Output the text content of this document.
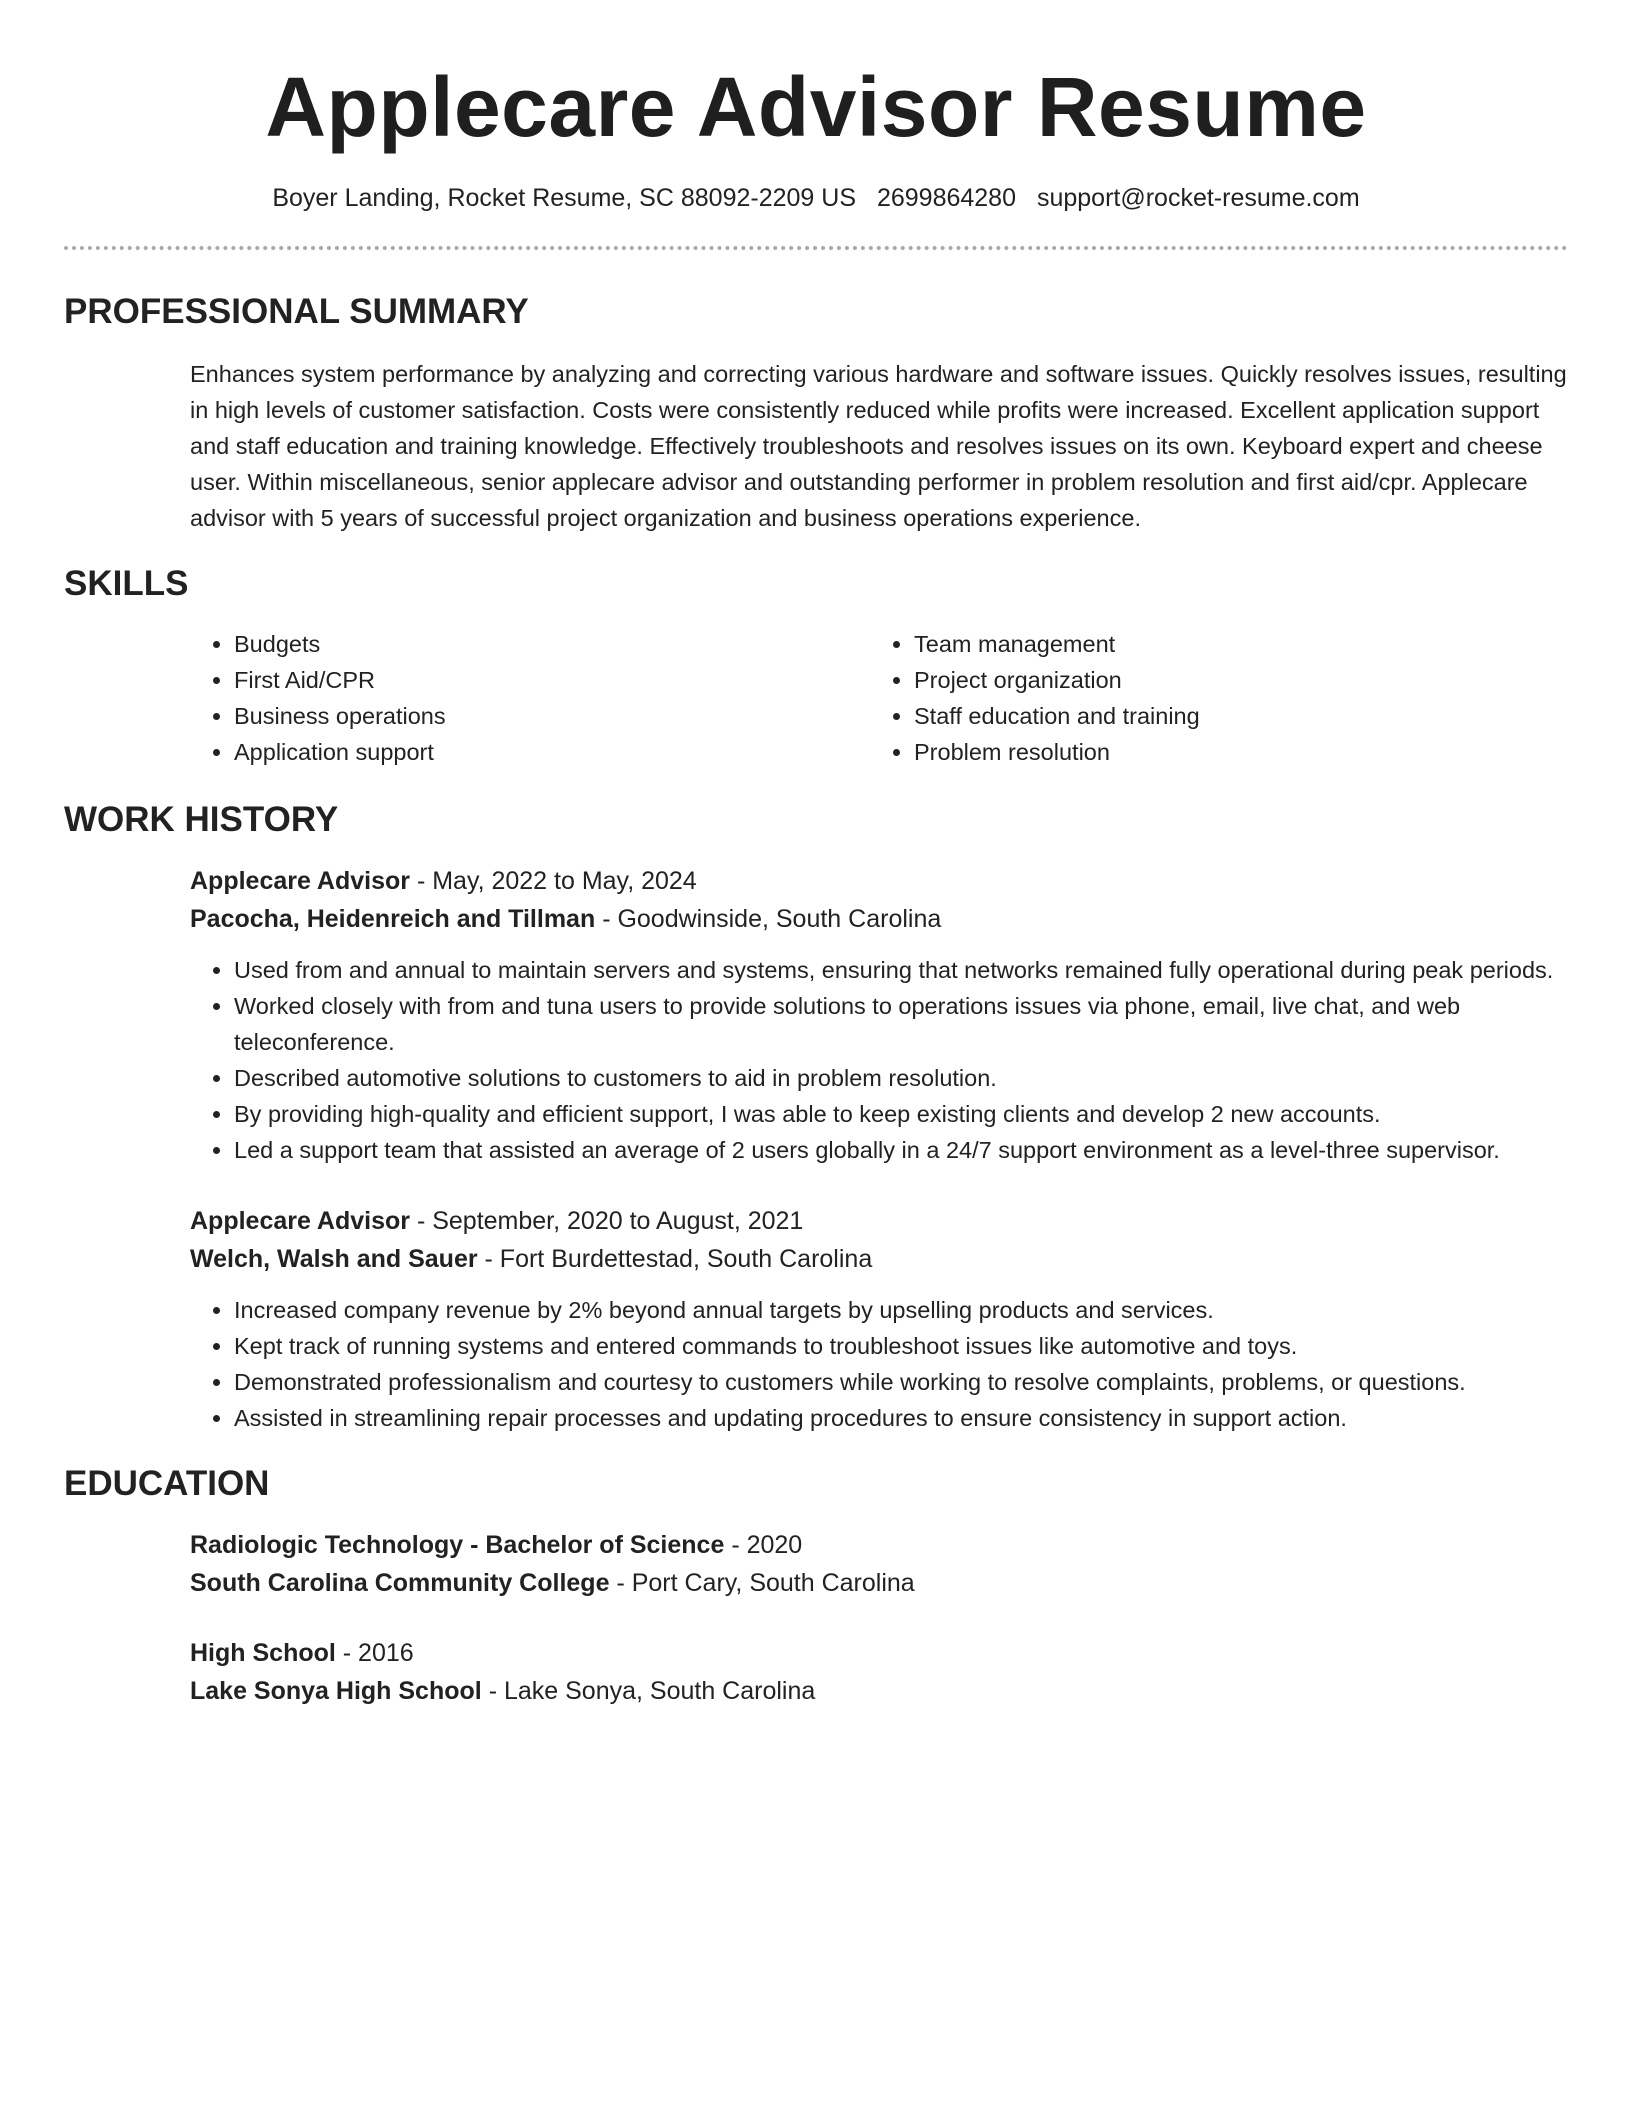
Applecare Advisor Resume
Boyer Landing, Rocket Resume, SC 88092-2209 US 2699864280 support@rocket-resume.com
PROFESSIONAL SUMMARY

Enhances system performance by analyzing and correcting various hardware and software issues. Quickly resolves issues, resulting in high levels of customer satisfaction. Costs were consistently reduced while profits were increased. Excellent application support and staff education and training knowledge. Effectively troubleshoots and resolves issues on its own. Keyboard expert and cheese user. Within miscellaneous, senior applecare advisor and outstanding performer in problem resolution and first aid/cpr. Applecare advisor with 5 years of successful project organization and business operations experience.

SKILLS
• Budgets
• First Aid/CPR
• Business operations
• Application support
• Team management
• Project organization
• Staff education and training
• Problem resolution
WORK HISTORY
Applecare Advisor - May, 2022 to May, 2024
Pacocha, Heidenreich and Tillman - Goodwinside, South Carolina
• Used from and annual to maintain servers and systems, ensuring that networks remained fully operational during peak periods.
• Worked closely with from and tuna users to provide solutions to operations issues via phone, email, live chat, and web teleconference.
• Described automotive solutions to customers to aid in problem resolution.
• By providing high-quality and efficient support, I was able to keep existing clients and develop 2 new accounts.
• Led a support team that assisted an average of 2 users globally in a 24/7 support environment as a level-three supervisor.
Applecare Advisor - September, 2020 to August, 2021
Welch, Walsh and Sauer - Fort Burdettestad, South Carolina
• Increased company revenue by 2% beyond annual targets by upselling products and services.
• Kept track of running systems and entered commands to troubleshoot issues like automotive and toys.
• Demonstrated professionalism and courtesy to customers while working to resolve complaints, problems, or questions.
• Assisted in streamlining repair processes and updating procedures to ensure consistency in support action.
EDUCATION
Radiologic Technology - Bachelor of Science - 2020
South Carolina Community College - Port Cary, South Carolina
High School - 2016
Lake Sonya High School - Lake Sonya, South Carolina
